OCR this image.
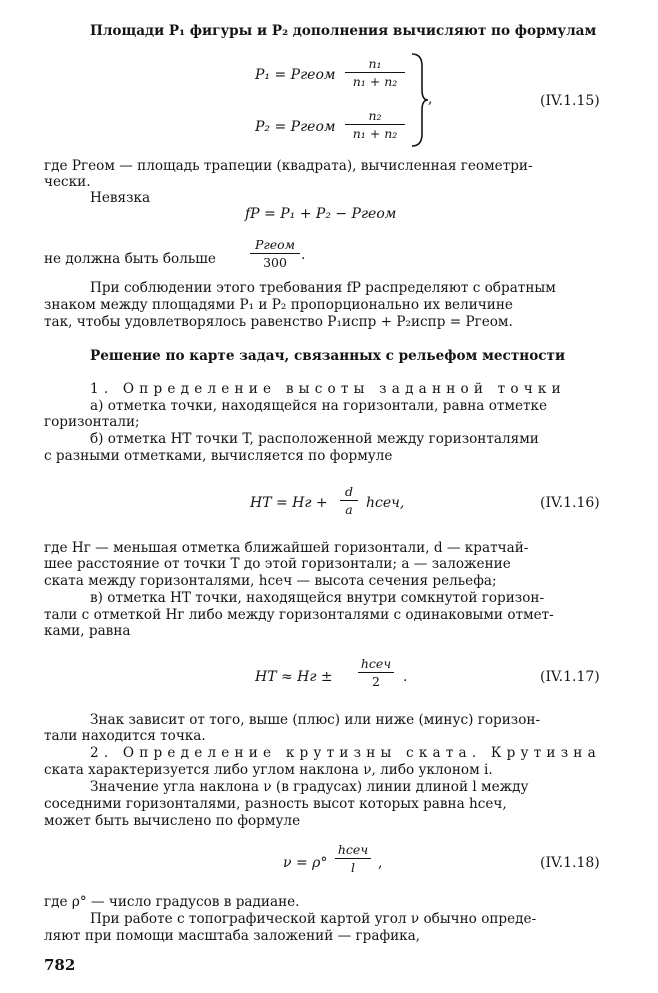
Площади P₁ фигуры и P₂ дополнения вычисляют по формулам
P₁ = Pгеом
n₁
n₁ + n₂
P₂ = Pгеом
n₂
n₁ + n₂
,	(IV.1.15)
где Pгеом — площадь трапеции (квадрата), вычисленная геометри-
чески.
Невязка
fP = P₁ + P₂ − Pгеом
не должна быть больше
Pгеом
300	.
При соблюдении этого требования fP распределяют с обратным
знаком между площадями P₁ и P₂ пропорционально их величине
так, чтобы удовлетворялось равенство P₁испр + P₂испр = Pгеом.
Решение по карте задач, связанных с рельефом местности
1. Определение высоты заданной точки
а) отметка точки, находящейся на горизонтали, равна отметке
горизонтали;
б) отметка HT точки T, расположенной между горизонталями
с разными отметками, вычисляется по формуле
HT = Hг +
d
a hсеч,	(IV.1.16)
где Hг — меньшая отметка ближайшей горизонтали, d — кратчай-
шее расстояние от точки T до этой горизонтали; a — заложение
ската между горизонталями, hсеч — высота сечения рельефа;
в) отметка HT точки, находящейся внутри сомкнутой горизон-
тали с отметкой Hг либо между горизонталями с одинаковыми отмет-
ками, равна
HT ≈ Hг ±
hсеч
2	.	(IV.1.17)
Знак зависит от того, выше (плюс) или ниже (минус) горизон-
тали находится точка.
2. Определение крутизны ската. Крутизна
ската характеризуется либо углом наклона ν, либо уклоном i.
Значение угла наклона ν (в градусах) линии длиной l между
соседними горизонталями, разность высот которых равна hсеч,
может быть вычислено по формуле
ν = ρ°
hсеч
l	,	(IV.1.18)
где ρ° — число градусов в радиане.
При работе с топографической картой угол ν обычно опреде-
ляют при помощи масштаба заложений — графика,
782
